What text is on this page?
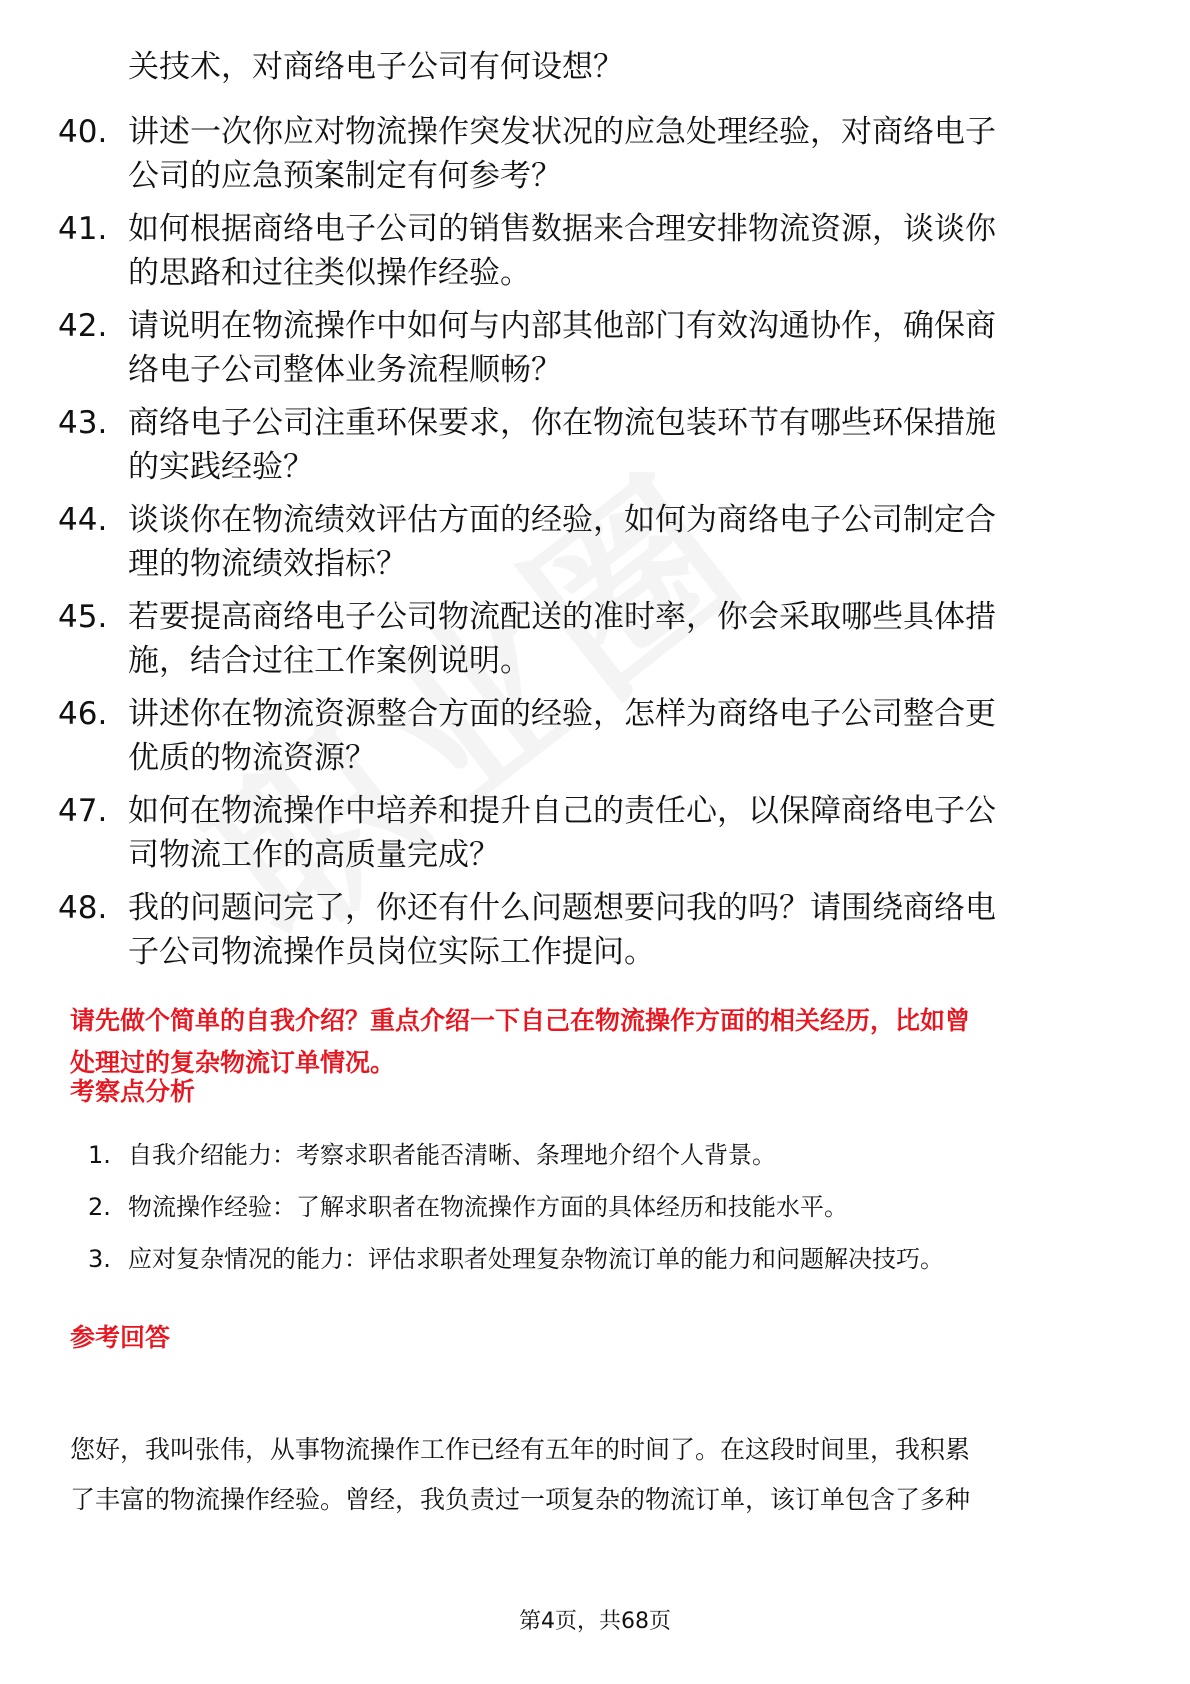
关技术，对商络电子公司有何设想？
40. 讲述一次你应对物流操作突发状况的应急处理经验，对商络电子
公司的应急预案制定有何参考？
41. 如何根据商络电子公司的销售数据来合理安排物流资源，谈谈你
的思路和过往类似操作经验。
42. 请说明在物流操作中如何与内部其他部门有效沟通协作，确保商
络电子公司整体业务流程顺畅？
43. 商络电子公司注重环保要求，你在物流包装环节有哪些环保措施
的实践经验？
44. 谈谈你在物流绩效评估方面的经验，如何为商络电子公司制定合
理的物流绩效指标？
45. 若要提高商络电子公司物流配送的准时率，你会采取哪些具体措
施，结合过往工作案例说明。
46. 讲述你在物流资源整合方面的经验，怎样为商络电子公司整合更
优质的物流资源？
47. 如何在物流操作中培养和提升自己的责任心，以保障商络电子公
司物流工作的高质量完成？
48. 我的问题问完了，你还有什么问题想要问我的吗？请围绕商络电
子公司物流操作员岗位实际工作提问。
请先做个简单的自我介绍？重点介绍一下自己在物流操作方面的相关经历，比如曾
处理过的复杂物流订单情况。
考察点分析
1. 自我介绍能力：考察求职者能否清晰、条理地介绍个人背景。
2. 物流操作经验：了解求职者在物流操作方面的具体经历和技能水平。
3. 应对复杂情况的能力：评估求职者处理复杂物流订单的能力和问题解决技巧。
参考回答
您好，我叫张伟，从事物流操作工作已经有五年的时间了。在这段时间里，我积累
了丰富的物流操作经验。曾经，我负责过一项复杂的物流订单，该订单包含了多种
第4页，共68页
